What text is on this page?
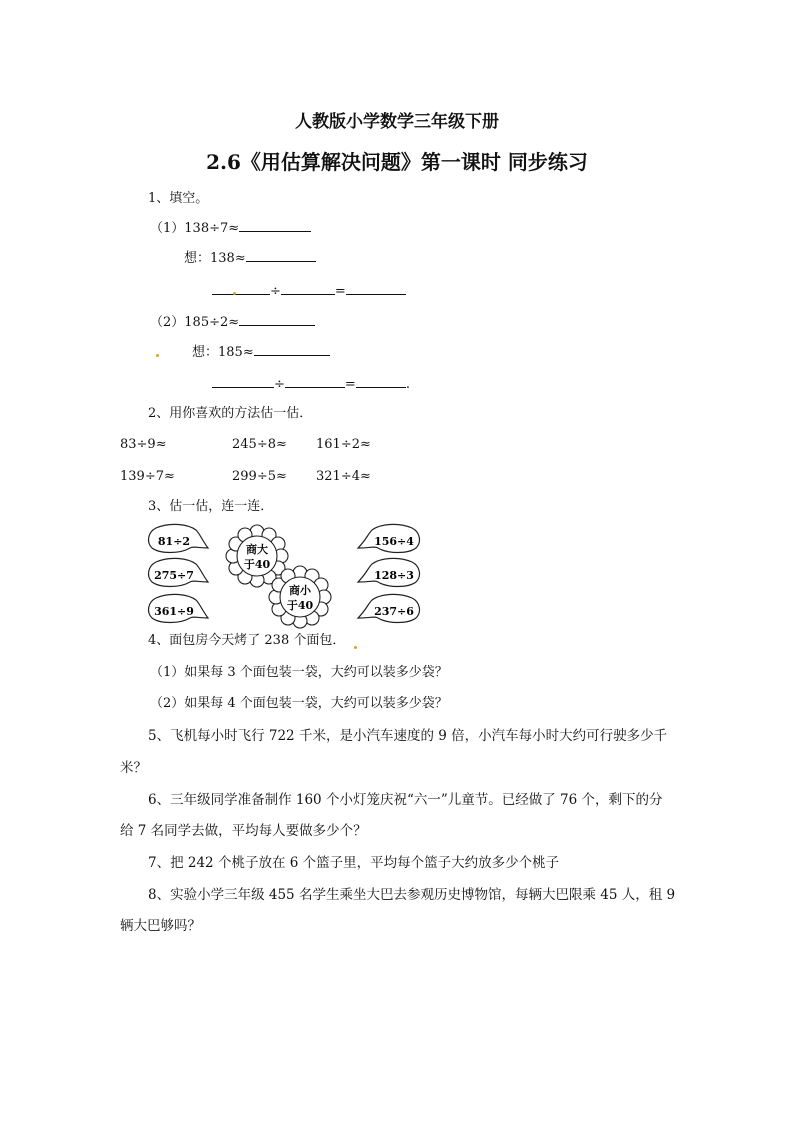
人教版小学数学三年级下册
2.6《用估算解决问题》第一课时 同步练习
1、填空。
（1）138÷7≈
想：138≈
÷	=
（2）185÷2≈
想：185≈
÷	=	.
2、用你喜欢的方法估一估．
83÷9≈	245÷8≈ 161÷2≈
139÷7≈	299÷5≈ 321÷4≈
3、估一估，连一连．
81÷2
275÷7
361÷9
商大
于40
商小
于40
156÷4
128÷3
237÷6
4、面包房今天烤了 238 个面包．
（1）如果每 3 个面包装一袋，大约可以装多少袋？
（2）如果每 4 个面包装一袋，大约可以装多少袋？
5、飞机每小时飞行 722 千米，是小汽车速度的 9 倍，小汽车每小时大约可行驶多少千
米？
6、三年级同学准备制作 160 个小灯笼庆祝“六一”儿童节。已经做了 76 个，剩下的分
给 7 名同学去做，平均每人要做多少个？
7、把 242 个桃子放在 6 个篮子里，平均每个篮子大约放多少个桃子
8、实验小学三年级 455 名学生乘坐大巴去参观历史博物馆，每辆大巴限乘 45 人，租 9
辆大巴够吗？
